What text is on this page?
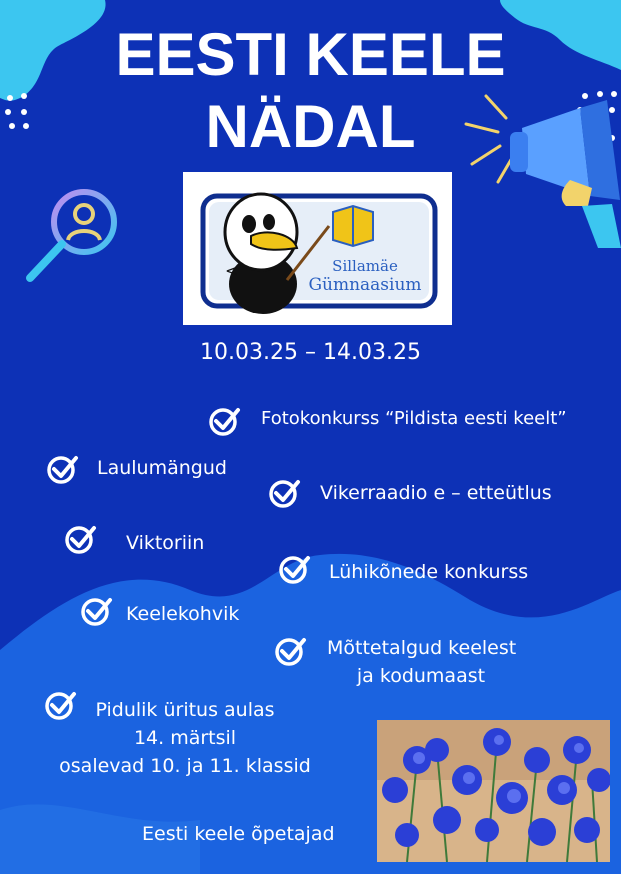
EESTI KEELE
NÄDAL
<	Sillamäe
Gümnaasium
10.03.25 – 14.03.25
Fotokonkurss “Pildista eesti keelt”
Laulumängud
Vikerraadio e – etteütlus
Viktoriin
Lühikõnede konkurss
Keelekohvik
Mõttetalgud keelest
ja kodumaast
Pidulik üritus aulas
14. märtsil
osalevad 10. ja 11. klassid
Eesti keele õpetajad
